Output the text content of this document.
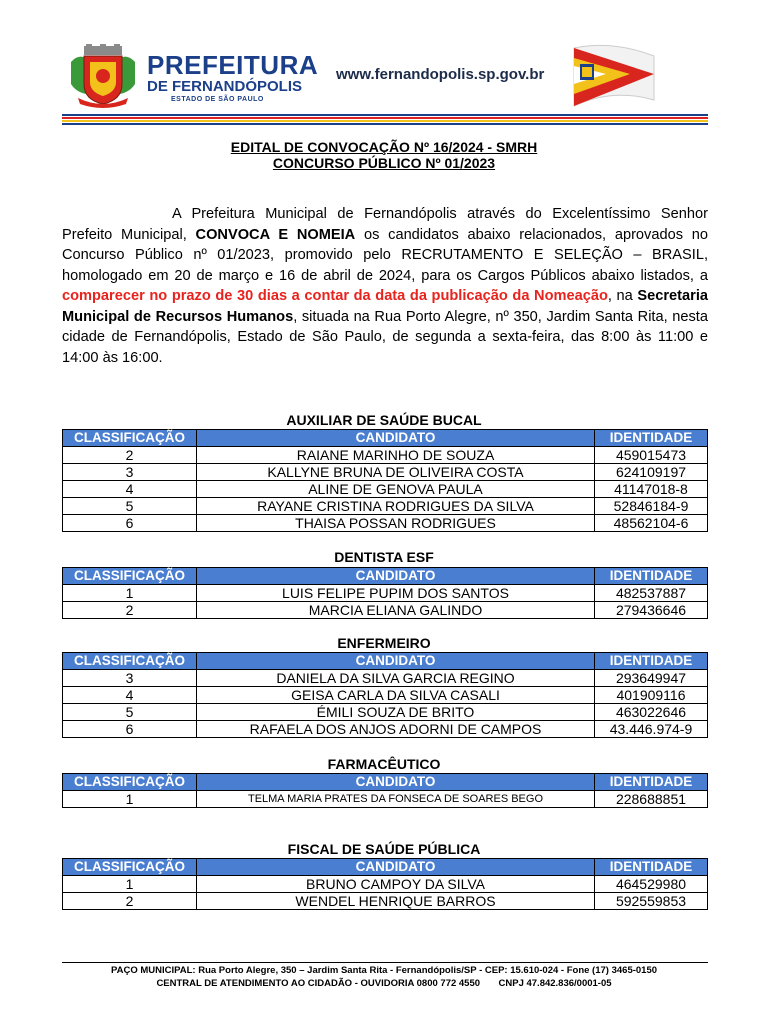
PREFEITURA
DE FERNANDÓPOLIS
ESTADO DE SÃO PAULO
www.fernandopolis.sp.gov.br
EDITAL DE CONVOCAÇÃO Nº 16/2024 - SMRH
CONCURSO PÚBLICO Nº 01/2023
A Prefeitura Municipal de Fernandópolis através do Excelentíssimo Senhor Prefeito Municipal, CONVOCA E NOMEIA os candidatos abaixo relacionados, aprovados no Concurso Público nº 01/2023, promovido pelo RECRUTAMENTO E SELEÇÃO – BRASIL, homologado em 20 de março e 16 de abril de 2024, para os Cargos Públicos abaixo listados, a comparecer no prazo de 30 dias a contar da data da publicação da Nomeação, na Secretaria Municipal de Recursos Humanos, situada na Rua Porto Alegre, nº 350, Jardim Santa Rita, nesta cidade de Fernandópolis, Estado de São Paulo, de segunda a sexta-feira, das 8:00 às 11:00 e 14:00 às 16:00.
AUXILIAR DE SAÚDE BUCAL
CLASSIFICAÇÃO	CANDIDATO	IDENTIDADE
2	RAIANE MARINHO DE SOUZA	459015473
3	KALLYNE BRUNA DE OLIVEIRA COSTA	624109197
4	ALINE DE GENOVA PAULA	41147018-8
5	RAYANE CRISTINA RODRIGUES DA SILVA	52846184-9
6	THAISA POSSAN RODRIGUES	48562104-6
DENTISTA ESF
CLASSIFICAÇÃO	CANDIDATO	IDENTIDADE
1	LUIS FELIPE PUPIM DOS SANTOS	482537887
2	MARCIA ELIANA GALINDO	279436646
ENFERMEIRO
CLASSIFICAÇÃO	CANDIDATO	IDENTIDADE
3	DANIELA DA SILVA GARCIA REGINO	293649947
4	GEISA CARLA DA SILVA CASALI	401909116
5	ÉMILI SOUZA DE BRITO	463022646
6	RAFAELA DOS ANJOS ADORNI DE CAMPOS	43.446.974-9
FARMACÊUTICO
CLASSIFICAÇÃO	CANDIDATO	IDENTIDADE
1	TELMA MARIA PRATES DA FONSECA DE SOARES BEGO	228688851
FISCAL DE SAÚDE PÚBLICA
CLASSIFICAÇÃO	CANDIDATO	IDENTIDADE
1	BRUNO CAMPOY DA SILVA	464529980
2	WENDEL HENRIQUE BARROS	592559853
PAÇO MUNICIPAL: Rua Porto Alegre, 350 – Jardim Santa Rita - Fernandópolis/SP - CEP: 15.610-024 - Fone (17) 3465-0150
CENTRAL DE ATENDIMENTO AO CIDADÃO - OUVIDORIA 0800 772 4550       CNPJ 47.842.836/0001-05
